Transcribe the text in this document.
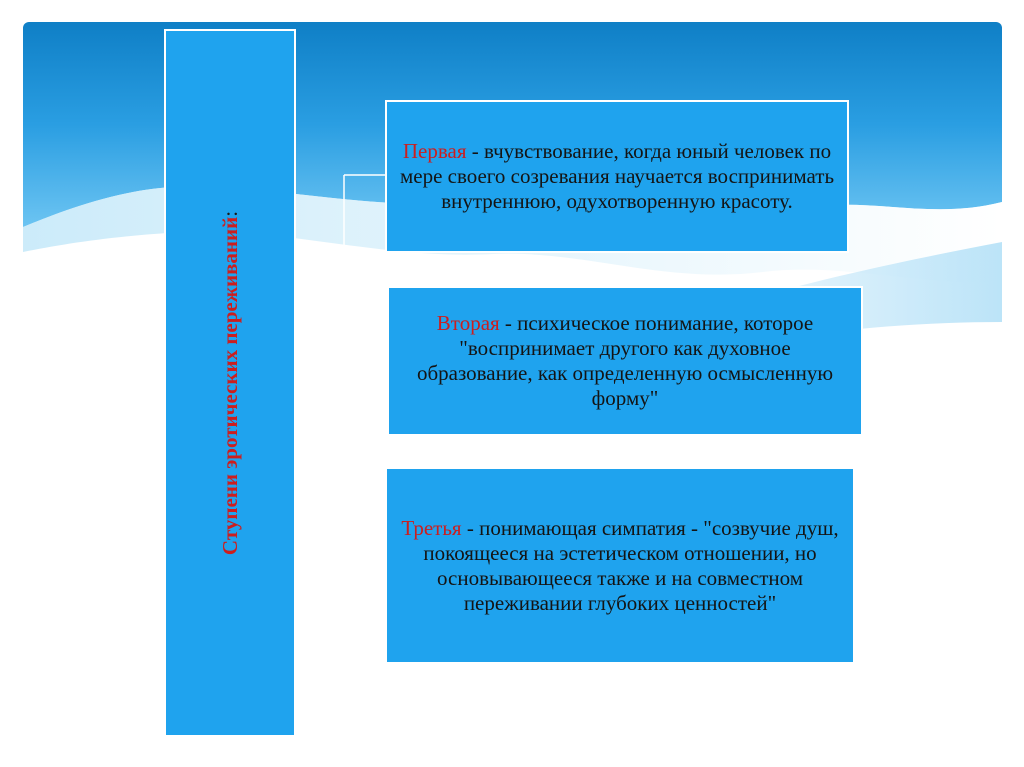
Ступени эротических переживаний:
Первая - вчувствование, когда юный человек по мере своего созревания научается воспринимать внутреннюю, одухотворенную красоту.
Вторая - психическое понимание, которое "воспринимает другого как духовное образование, как определенную осмысленную форму"
Третья - понимающая симпатия - "созвучие душ, покоящееся на эстетическом отношении, но основывающееся также и на совместном переживании глубоких ценностей"
